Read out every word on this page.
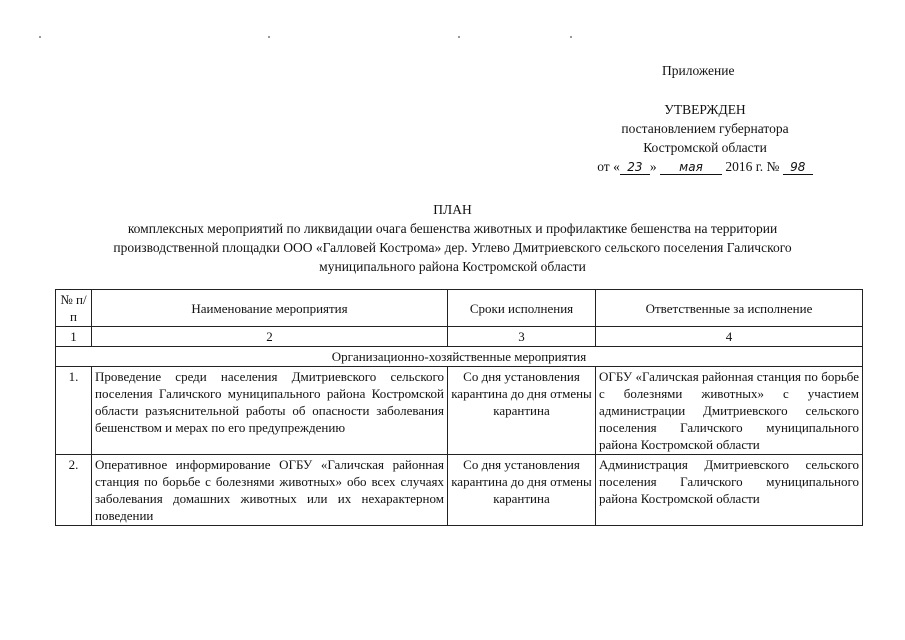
Приложение
УТВЕРЖДЕН
постановлением губернатора
Костромской области
от « 23 » мая 2016 г. № 98
ПЛАН
комплексных мероприятий по ликвидации очага бешенства животных и профилактике бешенства на территории
производственной площадки ООО «Галловей Кострома» дер. Углево Дмитриевского сельского поселения Галичского
муниципального района Костромской области
№ п/п	Наименование мероприятия	Сроки исполнения	Ответственные за исполнение
1	2	3	4
Организационно-хозяйственные мероприятия			
1.	Проведение среди населения Дмитриевского сельского поселения Галичского муниципального района Костромской области разъяснительной работы об опасности заболевания бешенством и мерах по его предупреждению	Со дня установления карантина до дня отмены карантина	ОГБУ «Галичская районная станция по борьбе с болезнями животных» с участием администрации Дмитриевского сельского поселения Галичского муниципального района Костромской области
2.	Оперативное информирование ОГБУ «Галичская районная станция по борьбе с болезнями животных» обо всех случаях заболевания домашних животных или их нехарактерном поведении	Со дня установления карантина до дня отмены карантина	Администрация Дмитриевского сельского поселения Галичского муниципального района Костромской области
